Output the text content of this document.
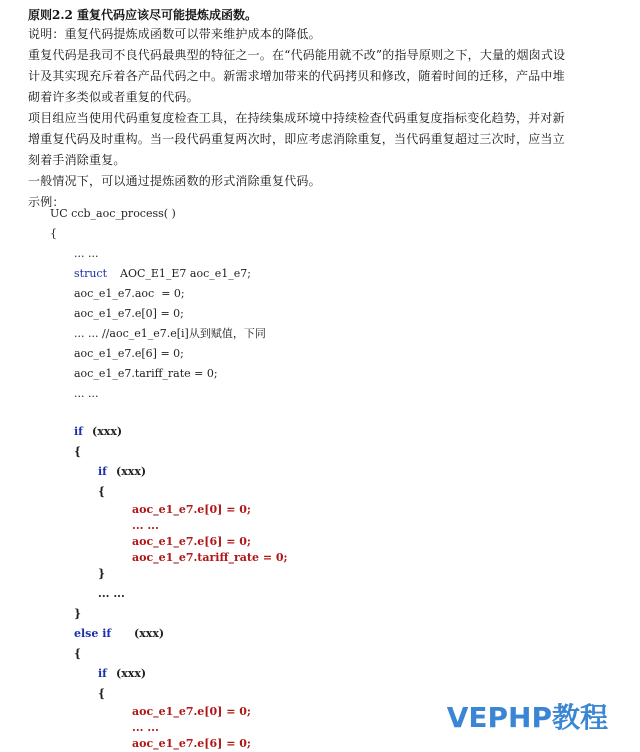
原则2.2 重复代码应该尽可能提炼成函数。

说明：重复代码提炼成函数可以带来维护成本的降低。

重复代码是我司不良代码最典型的特征之一。在“代码能用就不改”的指导原则之下，大量的烟囱式设计及其实现充斥着各产品代码之中。新需求增加带来的代码拷贝和修改，随着时间的迁移，产品中堆砌着许多类似或者重复的代码。

项目组应当使用代码重复度检查工具，在持续集成环境中持续检查代码重复度指标变化趋势，并对新增重复代码及时重构。当一段代码重复两次时，即应考虑消除重复，当代码重复超过三次时，应当立刻着手消除重复。

一般情况下，可以通过提炼函数的形式消除重复代码。

示例：

UC ccb_aoc_process( )
{
... ...
struct AOC_E1_E7 aoc_e1_e7;
aoc_e1_e7.aoc  = 0;
aoc_e1_e7.e[0] = 0;
... ... //aoc_e1_e7.e[i]从到赋值，下同
aoc_e1_e7.e[6] = 0;
aoc_e1_e7.tariff_rate = 0;
... ...
if (xxx)
{
if (xxx)
{
aoc_e1_e7.e[0] = 0;
... ...
aoc_e1_e7.e[6] = 0;
aoc_e1_e7.tariff_rate = 0;
}
... ...
}
else if (xxx)
{
if (xxx)
{
aoc_e1_e7.e[0] = 0;
... ...
aoc_e1_e7.e[6] = 0;
VEPHP教程
